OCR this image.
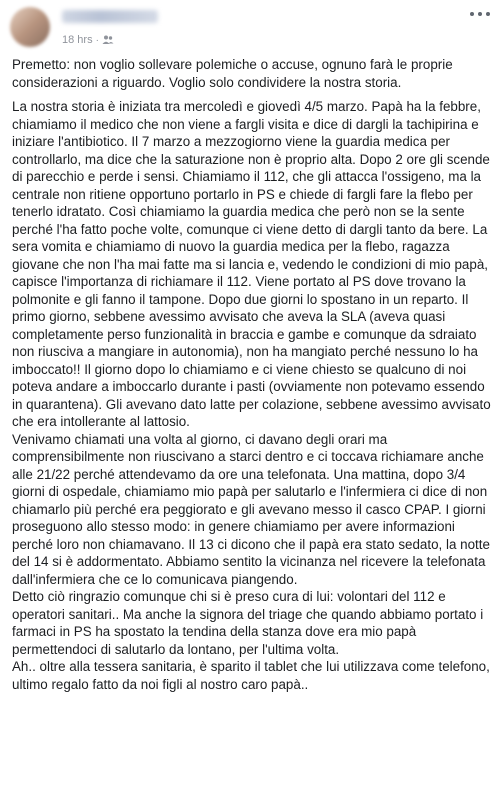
18 hrs ·

Premetto: non voglio sollevare polemiche o accuse, ognuno farà le proprie considerazioni a riguardo. Voglio solo condividere la nostra storia.

La nostra storia è iniziata tra mercoledì e giovedì 4/5 marzo. Papà ha la febbre, chiamiamo il medico che non viene a fargli visita e dice di dargli la tachipirina e iniziare l'antibiotico. Il 7 marzo a mezzogiorno viene la guardia medica per controllarlo, ma dice che la saturazione non è proprio alta. Dopo 2 ore gli scende di parecchio e perde i sensi. Chiamiamo il 112, che gli attacca l'ossigeno, ma la centrale non ritiene opportuno portarlo in PS e chiede di fargli fare la flebo per tenerlo idratato. Così chiamiamo la guardia medica che però non se la sente perché l'ha fatto poche volte, comunque ci viene detto di dargli tanto da bere. La sera vomita e chiamiamo di nuovo la guardia medica per la flebo, ragazza giovane che non l'ha mai fatte ma si lancia e, vedendo le condizioni di mio papà, capisce l'importanza di richiamare il 112. Viene portato al PS dove trovano la polmonite e gli fanno il tampone. Dopo due giorni lo spostano in un reparto. Il primo giorno, sebbene avessimo avvisato che aveva la SLA (aveva quasi completamente perso funzionalità in braccia e gambe e comunque da sdraiato non riusciva a mangiare in autonomia), non ha mangiato perché nessuno lo ha imboccato!! Il giorno dopo lo chiamiamo e ci viene chiesto se qualcuno di noi poteva andare a imboccarlo durante i pasti (ovviamente non potevamo essendo in quarantena). Gli avevano dato latte per colazione, sebbene avessimo avvisato che era intollerante al lattosio.

Venivamo chiamati una volta al giorno, ci davano degli orari ma comprensibilmente non riuscivano a starci dentro e ci toccava richiamare anche alle 21/22 perché attendevamo da ore una telefonata. Una mattina, dopo 3/4 giorni di ospedale, chiamiamo mio papà per salutarlo e l'infermiera ci dice di non chiamarlo più perché era peggiorato e gli avevano messo il casco CPAP. I giorni proseguono allo stesso modo: in genere chiamiamo per avere informazioni perché loro non chiamavano. Il 13 ci dicono che il papà era stato sedato, la notte del 14 si è addormentato. Abbiamo sentito la vicinanza nel ricevere la telefonata dall'infermiera che ce lo comunicava piangendo.

Detto ciò ringrazio comunque chi si è preso cura di lui: volontari del 112 e operatori sanitari.. Ma anche la signora del triage che quando abbiamo portato i farmaci in PS ha spostato la tendina della stanza dove era mio papà permettendoci di salutarlo da lontano, per l'ultima volta.

Ah.. oltre alla tessera sanitaria, è sparito il tablet che lui utilizzava come telefono, ultimo regalo fatto da noi figli al nostro caro papà..
